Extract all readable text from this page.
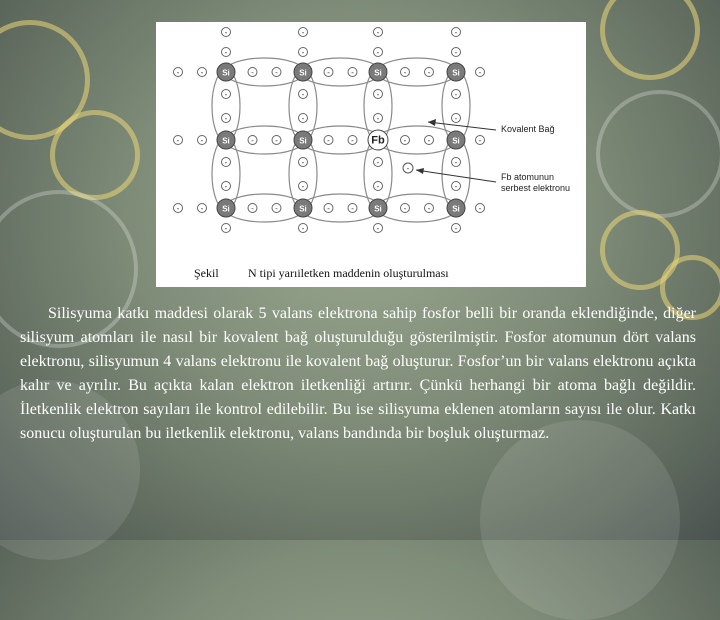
-	-	-	-	-	-
-
-	-
-	-	-	-	-	-
-
-	-
-	-	-	-	-	-
-
-	-
-
-
-
-
-
-
-
-
-
-
-
-
-
-
-
-
-
-
-
-
-
-
-
-
-
-
-
-
Si	Si	Si	Si
Si	Si	Fb	Si
Si	Si	Si	Si
-
Kovalent Bağ
Fb atomunun
serbest elektronu
Şekil N tipi yarıiletken maddenin oluşturulması
Silisyuma katkı maddesi olarak 5 valans elektrona sahip fosfor belli bir oranda eklendiğinde, diğer silisyum atomları ile nasıl bir kovalent bağ oluşturulduğu gösterilmiştir. Fosfor atomunun dört valans elektronu, silisyumun 4 valans elektronu ile kovalent bağ oluşturur. Fosfor’un bir valans elektronu açıkta kalır ve ayrılır. Bu açıkta kalan elektron iletkenliği artırır. Çünkü herhangi bir atoma bağlı değildir. İletkenlik elektron sayıları ile kontrol edilebilir. Bu ise silisyuma eklenen atomların sayısı ile olur. Katkı sonucu oluşturulan bu iletkenlik elektronu, valans bandında bir boşluk oluşturmaz.
